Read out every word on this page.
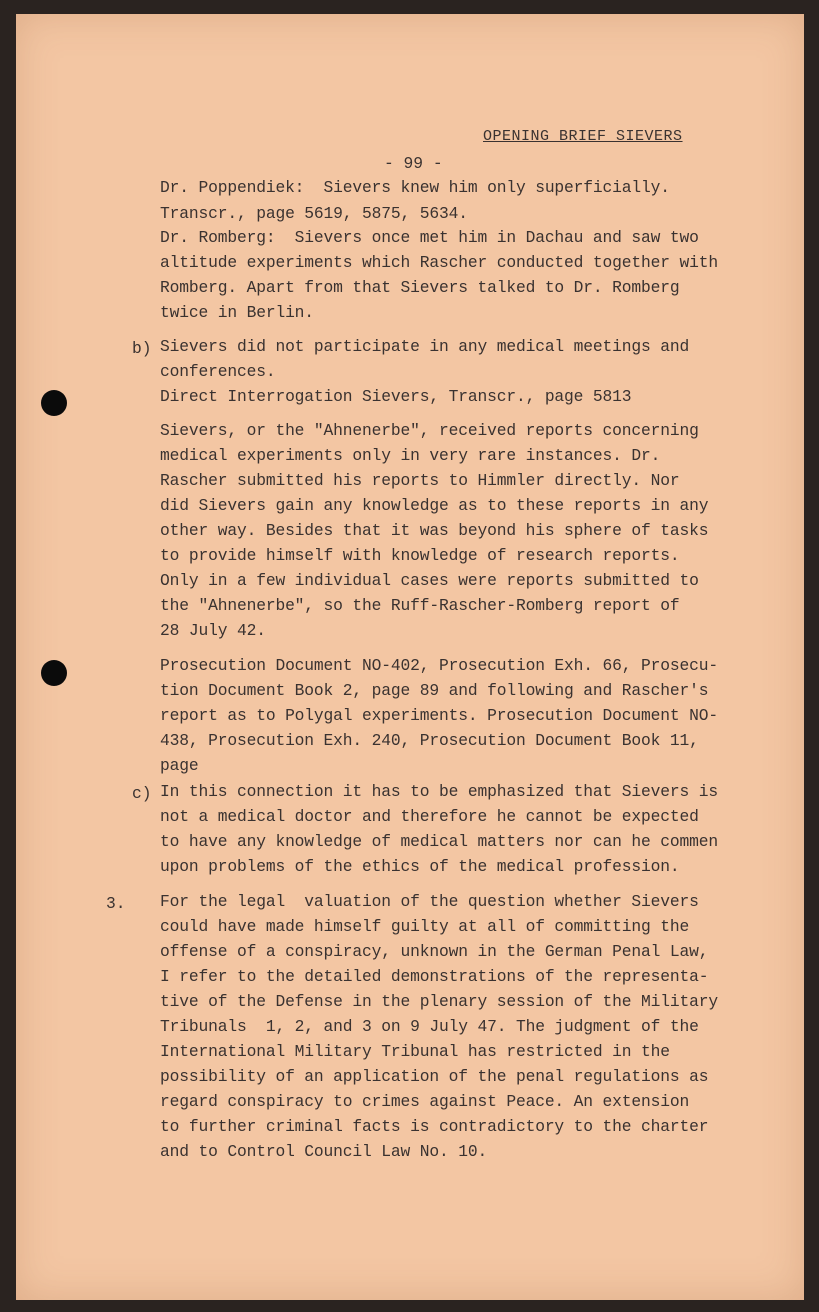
OPENING BRIEF SIEVERS
- 99 -
Dr. Poppendiek:  Sievers knew him only superficially.
Transcr., page 5619, 5875, 5634.
Dr. Romberg:  Sievers once met him in Dachau and saw two
altitude experiments which Rascher conducted together with
Romberg. Apart from that Sievers talked to Dr. Romberg
twice in Berlin.
b) Sievers did not participate in any medical meetings and
conferences.
Direct Interrogation Sievers, Transcr., page 5813
Sievers, or the "Ahnenerbe", received reports concerning
medical experiments only in very rare instances. Dr.
Rascher submitted his reports to Himmler directly. Nor
did Sievers gain any knowledge as to these reports in any
other way. Besides that it was beyond his sphere of tasks
to provide himself with knowledge of research reports.
Only in a few individual cases were reports submitted to
the "Ahnenerbe", so the Ruff-Rascher-Romberg report of
28 July 42.
Prosecution Document NO-402, Prosecution Exh. 66, Prosecu-
tion Document Book 2, page 89 and following and Rascher's
report as to Polygal experiments. Prosecution Document NO-
438, Prosecution Exh. 240, Prosecution Document Book 11,
page
c) In this connection it has to be emphasized that Sievers is
not a medical doctor and therefore he cannot be expected
to have any knowledge of medical matters nor can he commen
upon problems of the ethics of the medical profession.
3. For the legal  valuation of the question whether Sievers
could have made himself guilty at all of committing the
offense of a conspiracy, unknown in the German Penal Law,
I refer to the detailed demonstrations of the representa-
tive of the Defense in the plenary session of the Military
Tribunals  1, 2, and 3 on 9 July 47. The judgment of the
International Military Tribunal has restricted in the
possibility of an application of the penal regulations as
regard conspiracy to crimes against Peace. An extension
to further criminal facts is contradictory to the charter
and to Control Council Law No. 10.
